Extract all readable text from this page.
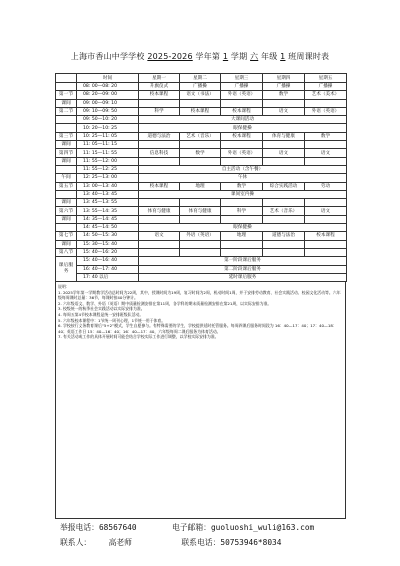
上海市香山中学学校 2025-2026 学年第 1 学期 六 年级 1 班周课时表
	时间	星期一	星期二	星期三	星期四	星期五
	08: 00—08: 20	升旗仪式	广播操	广播操	广播操	广播操
第一节	08: 20—09: 00	校本课程	语文（书法）	外语（英语）	数学	艺术（美术）
课间	09: 00—09: 10					
第二节	09: 10—09: 50	科学	校本课程	校本课程	语文	外语（英语）
	09: 50—10: 20	大课间活动				
	10: 20—10: 25	眼保健操				
第三节	10: 25—11: 05	道德与法治	艺术（音乐）	校本课程	体育与健康	数学
课间	11: 05—11: 15					
第四节	11: 15—11: 55	信息科技	数学	外语（英语）	语文	语文
课间	11: 55—12: 00					
	11: 55—12: 25	自主活动（含午餐）				
午间	12: 25—13: 00	午休				
第五节	13: 00—13: 40	校本课程	地理	数学	综合实践活动	劳动
	13: 40—13: 45	课间室内操				
课间	13: 45—13: 55					
第六节	13: 55—14: 35	体育与健康	体育与健康	科学	艺术（音乐）	语文
课间	14: 35—14: 45					
	14: 45—14: 50	眼保健操				
第七节	14: 50—15: 30	语文	外语（英语）	地理	道德与法治	校本课程
课间	15: 30—15: 40					
第八节	15: 40—16: 20					
课后服务	15: 40—16: 40	第一阶段课后服务				
	16: 40—17: 40	第二阶段课后服务				
	17: 40 以后	延时课后服务				

说明：

1. 2025学年第一学期教学活动总时间为22周，其中，授课时间为19周，复习时间为2周，机动时间1周，并于安排劳动教育、社会实践活动、校园文化活动等。六年级每周课时总量：36节，每课时按40分钟计。

2. 六年级语文、数学、外语（英语）期中质量检测安排在第11周，各学科的期末质量检测安排在第21周，以实际安排为准。

3. 校级统一的秋季社会实践活动以实际安排为准。

4. 每周五第4节校本课程是统一安排班级队活动。

5. 六年级校本课程中：1节统一周刊心理，1节统一用于体育。

6. 学校按行义务教育课后“5+2”模式，学生自愿参与。有特殊需要的学生，学校提供延时托管服务。每周四课后服务时间段为 16：40—17：40；17：40—18：40；英语工作日 15：40—16：40；16：40—17：40，六年级每周二课后服务为体育活动。

7. 有关活动或工作的具体开展时间可能会结合学校实际工作进行调整，以学校实际安排为准。

举报电话：68567640	电子邮箱：guoluoshi_wuli@163.com
联系人： 高老师	联系电话：50753946*8034
